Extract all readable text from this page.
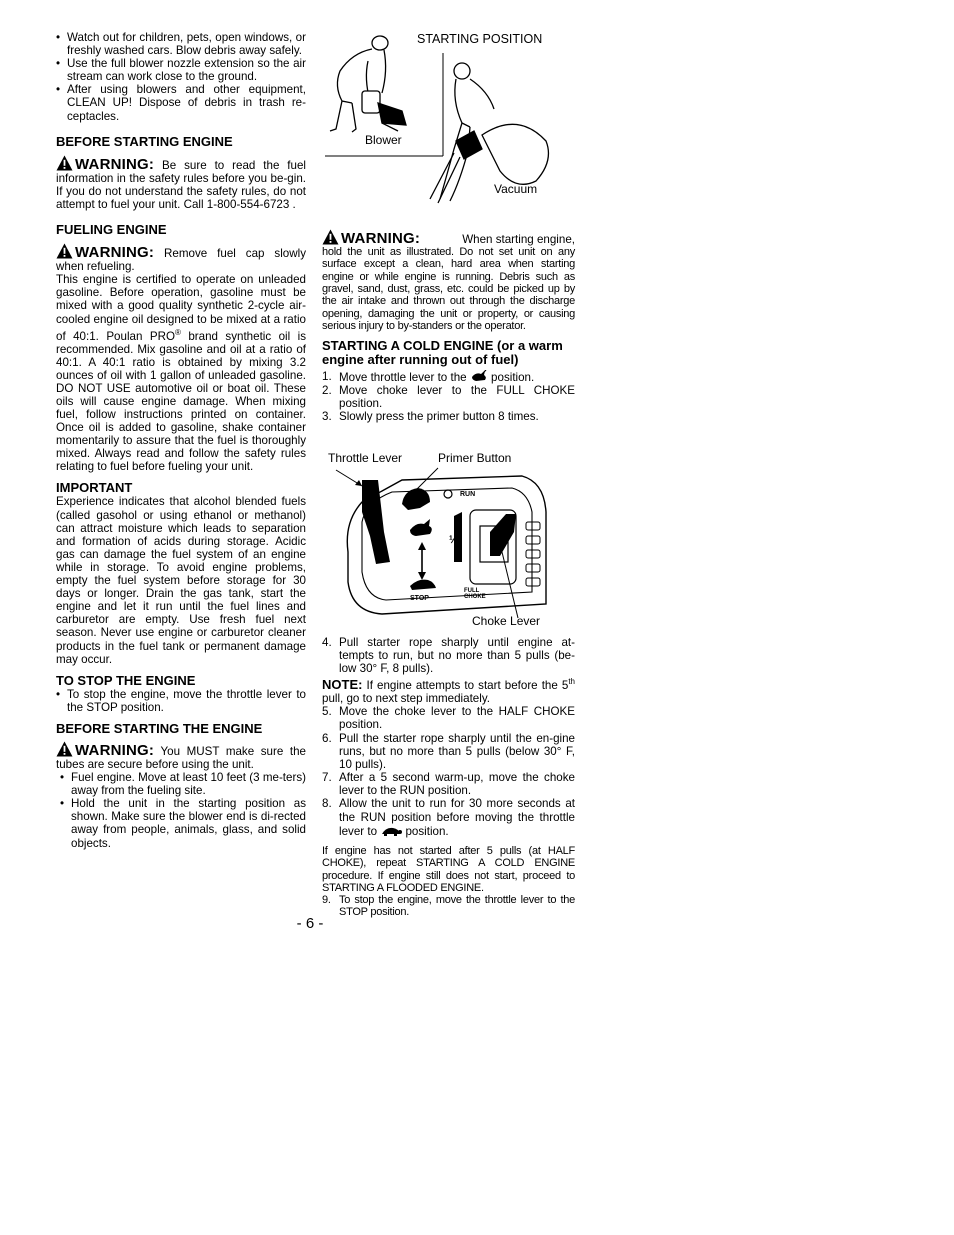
• Watch out for children, pets, open windows, or freshly washed cars. Blow debris away safely.
• Use the full blower nozzle extension so the air stream can work close to the ground.
• After using blowers and other equipment, CLEAN UP! Dispose of debris in trash re-ceptacles.

BEFORE STARTING ENGINE

WARNING: Be sure to read the fuel information in the safety rules before you be-gin. If you do not understand the safety rules, do not attempt to fuel your unit. Call 1-800-554-6723 .

FUELING ENGINE

WARNING: Remove fuel cap slowly when refueling.

This engine is certified to operate on unleaded gasoline. Before operation, gasoline must be mixed with a good quality synthetic 2-cycle air-cooled engine oil designed to be mixed at a ratio of 40:1. Poulan PRO® brand synthetic oil is recommended. Mix gasoline and oil at a ratio of 40:1. A 40:1 ratio is obtained by mixing 3.2 ounces of oil with 1 gallon of unleaded gasoline. DO NOT USE automotive oil or boat oil. These oils will cause engine damage. When mixing fuel, follow instructions printed on container. Once oil is added to gasoline, shake container momentarily to assure that the fuel is thoroughly mixed. Always read and follow the safety rules relating to fuel before fueling your unit.

IMPORTANT

Experience indicates that alcohol blended fuels (called gasohol or using ethanol or methanol) can attract moisture which leads to separation and formation of acids during storage. Acidic gas can damage the fuel system of an engine while in storage. To avoid engine problems, empty the fuel system before storage for 30 days or longer. Drain the gas tank, start the engine and let it run until the fuel lines and carburetor are empty. Use fresh fuel next season. Never use engine or carburetor cleaner products in the fuel tank or permanent damage may occur.

TO STOP THE ENGINE

• To stop the engine, move the throttle lever to the STOP position.

BEFORE STARTING THE ENGINE

WARNING: You MUST make sure the tubes are secure before using the unit.

• Fuel engine. Move at least 10 feet (3 me-ters) away from the fueling site.
• Hold the unit in the starting position as shown. Make sure the blower end is di-rected away from people, animals, glass, and solid objects.
STARTING POSITION
Blower
Vacuum

WARNING:	When starting engine,

hold the unit as illustrated. Do not set unit on any surface except a clean, hard area when starting engine or while engine is running. Debris such as gravel, sand, dust, grass, etc. could be picked up by the air intake and thrown out through the discharge opening, damaging the unit or property, or causing serious injury to by-standers or the operator.

STARTING A COLD ENGINE (or a warm engine after running out of fuel)

1. Move throttle lever to the  position.
2. Move choke lever to the FULL CHOKE position.
3. Slowly press the primer button 8 times.
Throttle Lever	Primer Button
RUN
½
STOP
FULL
CHOKE
Choke Lever
4. Pull starter rope sharply until engine at-tempts to run, but no more than 5 pulls (be-low 30° F, 8 pulls).

NOTE: If engine attempts to start before the 5th pull, go to next step immediately.

5. Move the choke lever to the HALF CHOKE position.
6. Pull the starter rope sharply until the en-gine runs, but no more than 5 pulls (below 30° F, 10 pulls).
7. After a 5 second warm-up, move the choke lever to the RUN position.
8. Allow the unit to run for 30 more seconds at the RUN position before moving the throttle lever to  position.

If engine has not started after 5 pulls (at HALF CHOKE), repeat STARTING A COLD ENGINE procedure. If engine still does not start, proceed to STARTING A FLOODED ENGINE.

9. To stop the engine, move the throttle lever to the STOP position.
- 6 -
